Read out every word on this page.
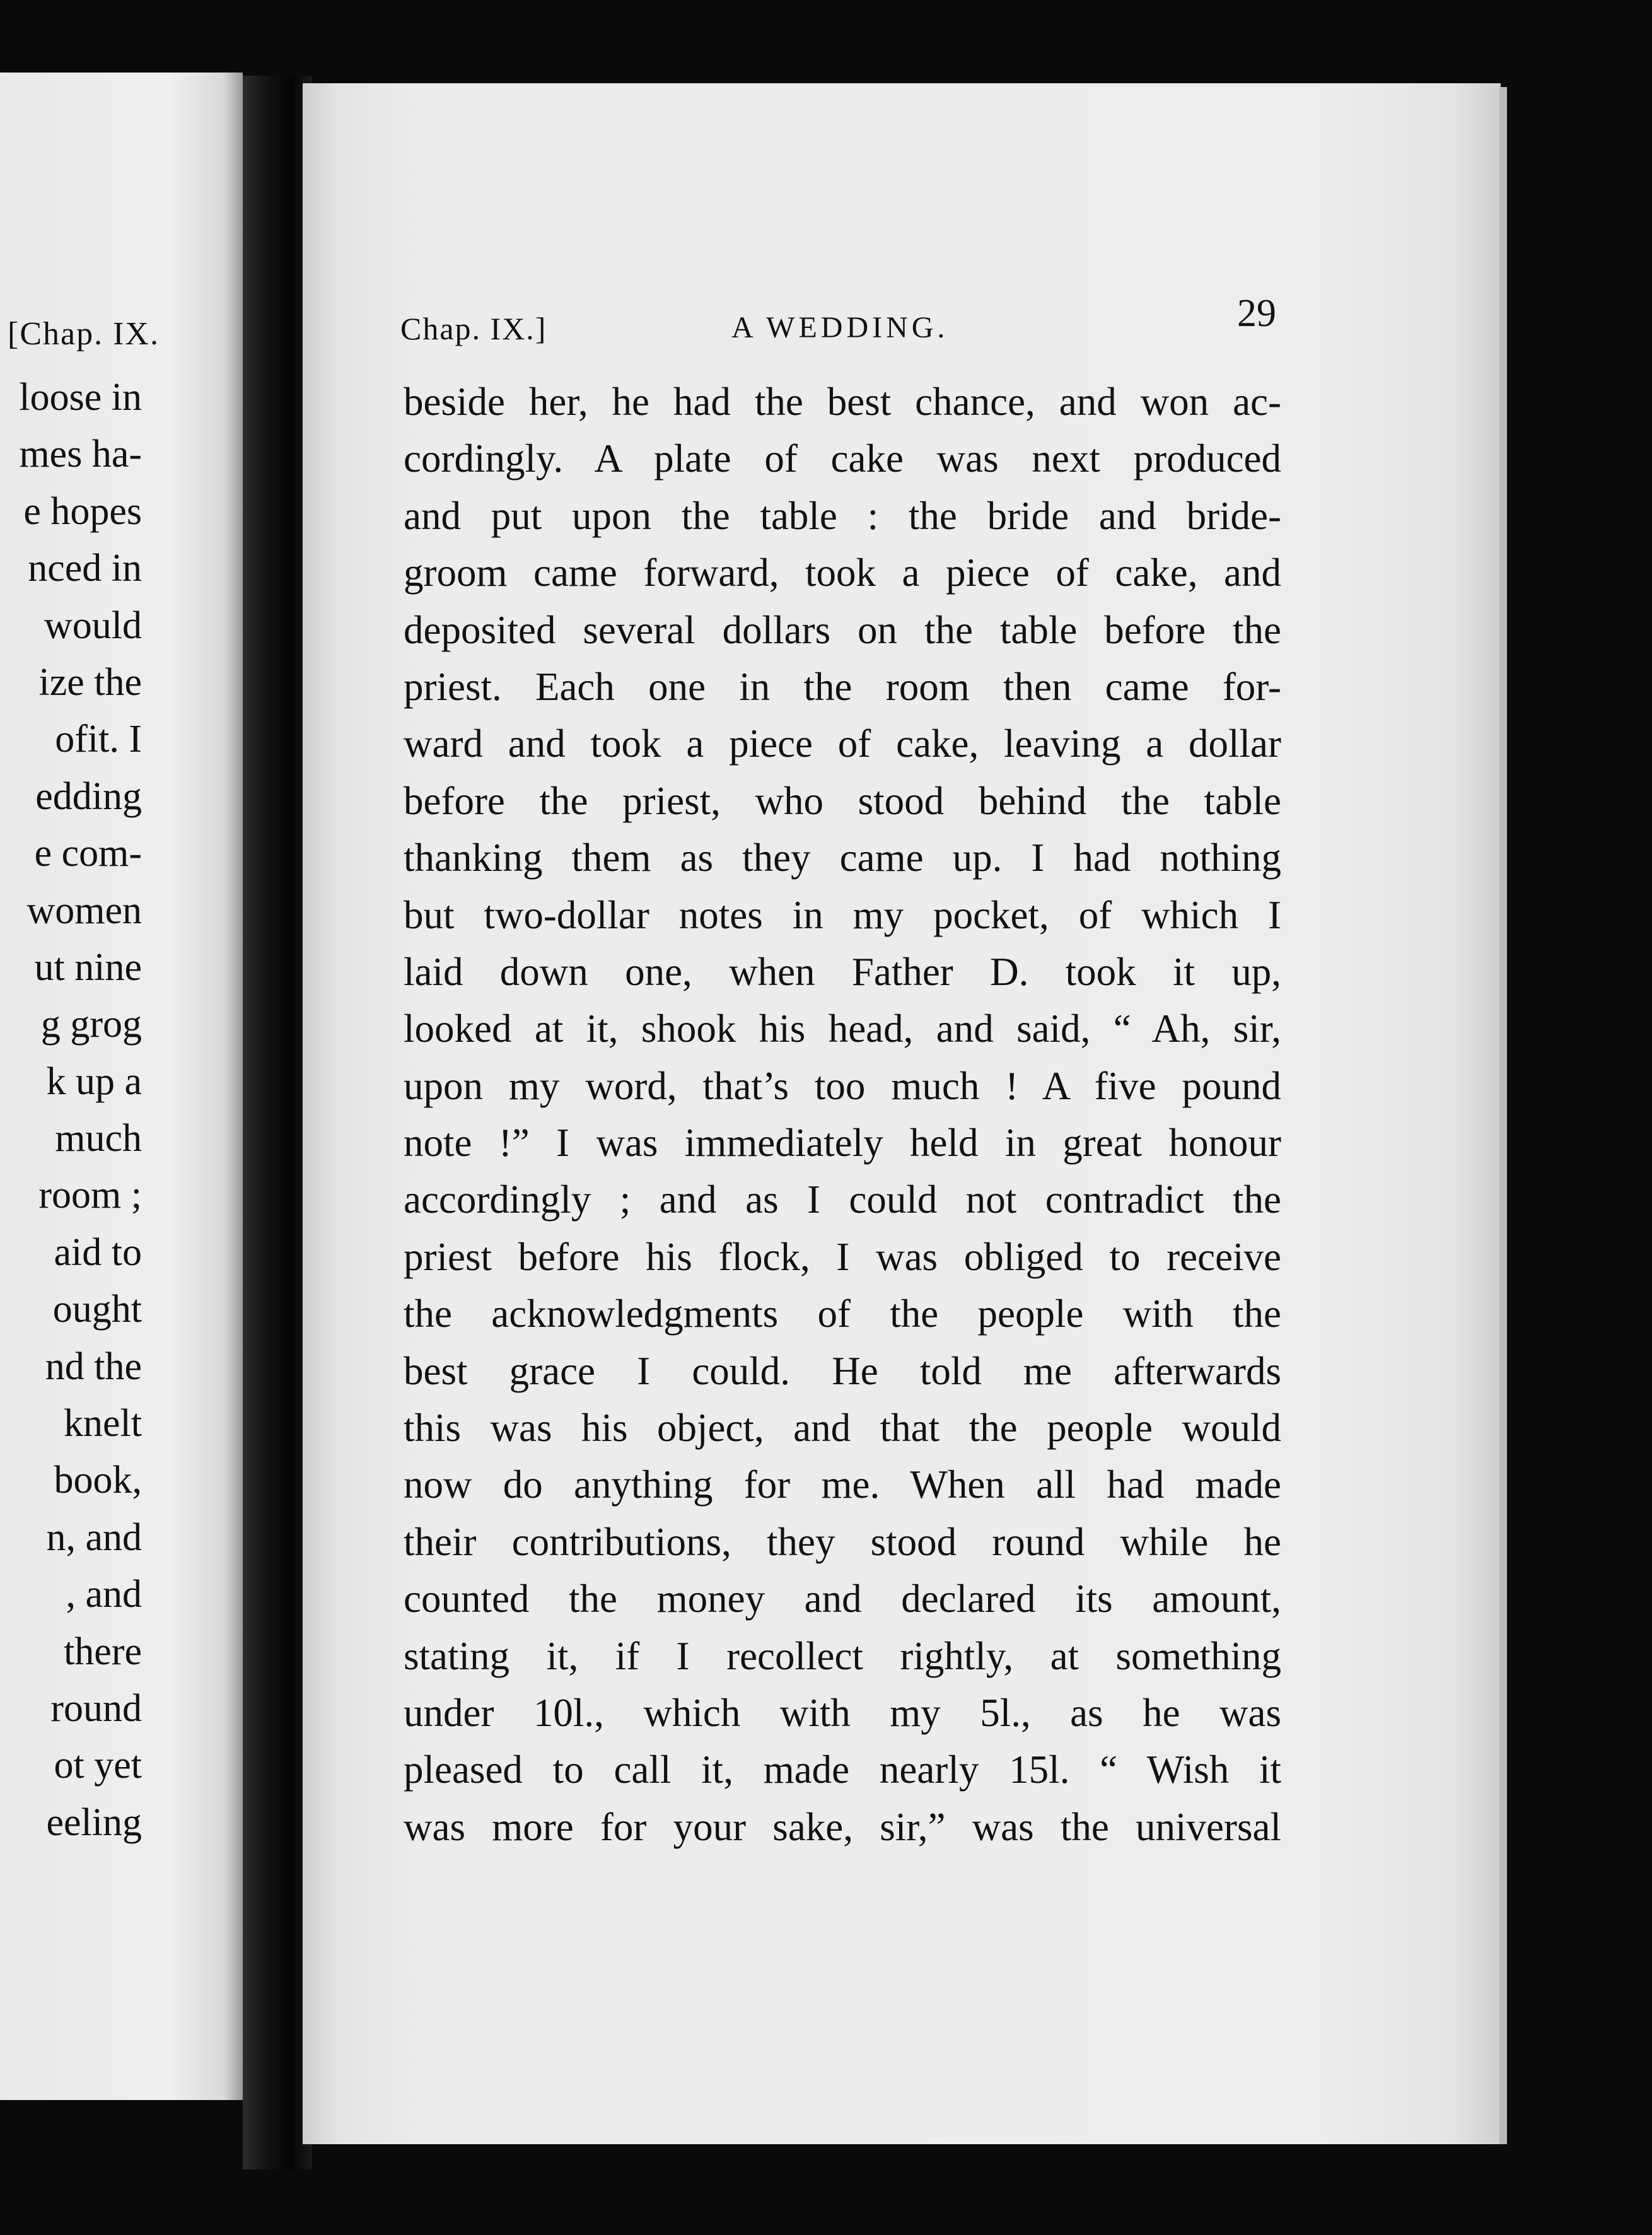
[Chap. IX.
loose in
mes ha-
e hopes
nced in
would
ize the
ofit. I
edding
e com-
women
ut nine
g grog
k up a
much
room ;
aid to
ought
nd the
knelt
book,
n, and
, and
there
round
ot yet
eeling
Chap. IX.]	A WEDDING.	29
beside her, he had the best chance, and won ac-
cordingly. A plate of cake was next produced
and put upon the table : the bride and bride-
groom came forward, took a piece of cake, and
deposited several dollars on the table before the
priest. Each one in the room then came for-
ward and took a piece of cake, leaving a dollar
before the priest, who stood behind the table
thanking them as they came up. I had nothing
but two-dollar notes in my pocket, of which I
laid down one, when Father D. took it up,
looked at it, shook his head, and said, “ Ah, sir,
upon my word, that’s too much ! A five pound
note !” I was immediately held in great honour
accordingly ; and as I could not contradict the
priest before his flock, I was obliged to receive
the acknowledgments of the people with the
best grace I could. He told me afterwards
this was his object, and that the people would
now do anything for me. When all had made
their contributions, they stood round while he
counted the money and declared its amount,
stating it, if I recollect rightly, at something
under 10l., which with my 5l., as he was
pleased to call it, made nearly 15l. “ Wish it
was more for your sake, sir,” was the universal
